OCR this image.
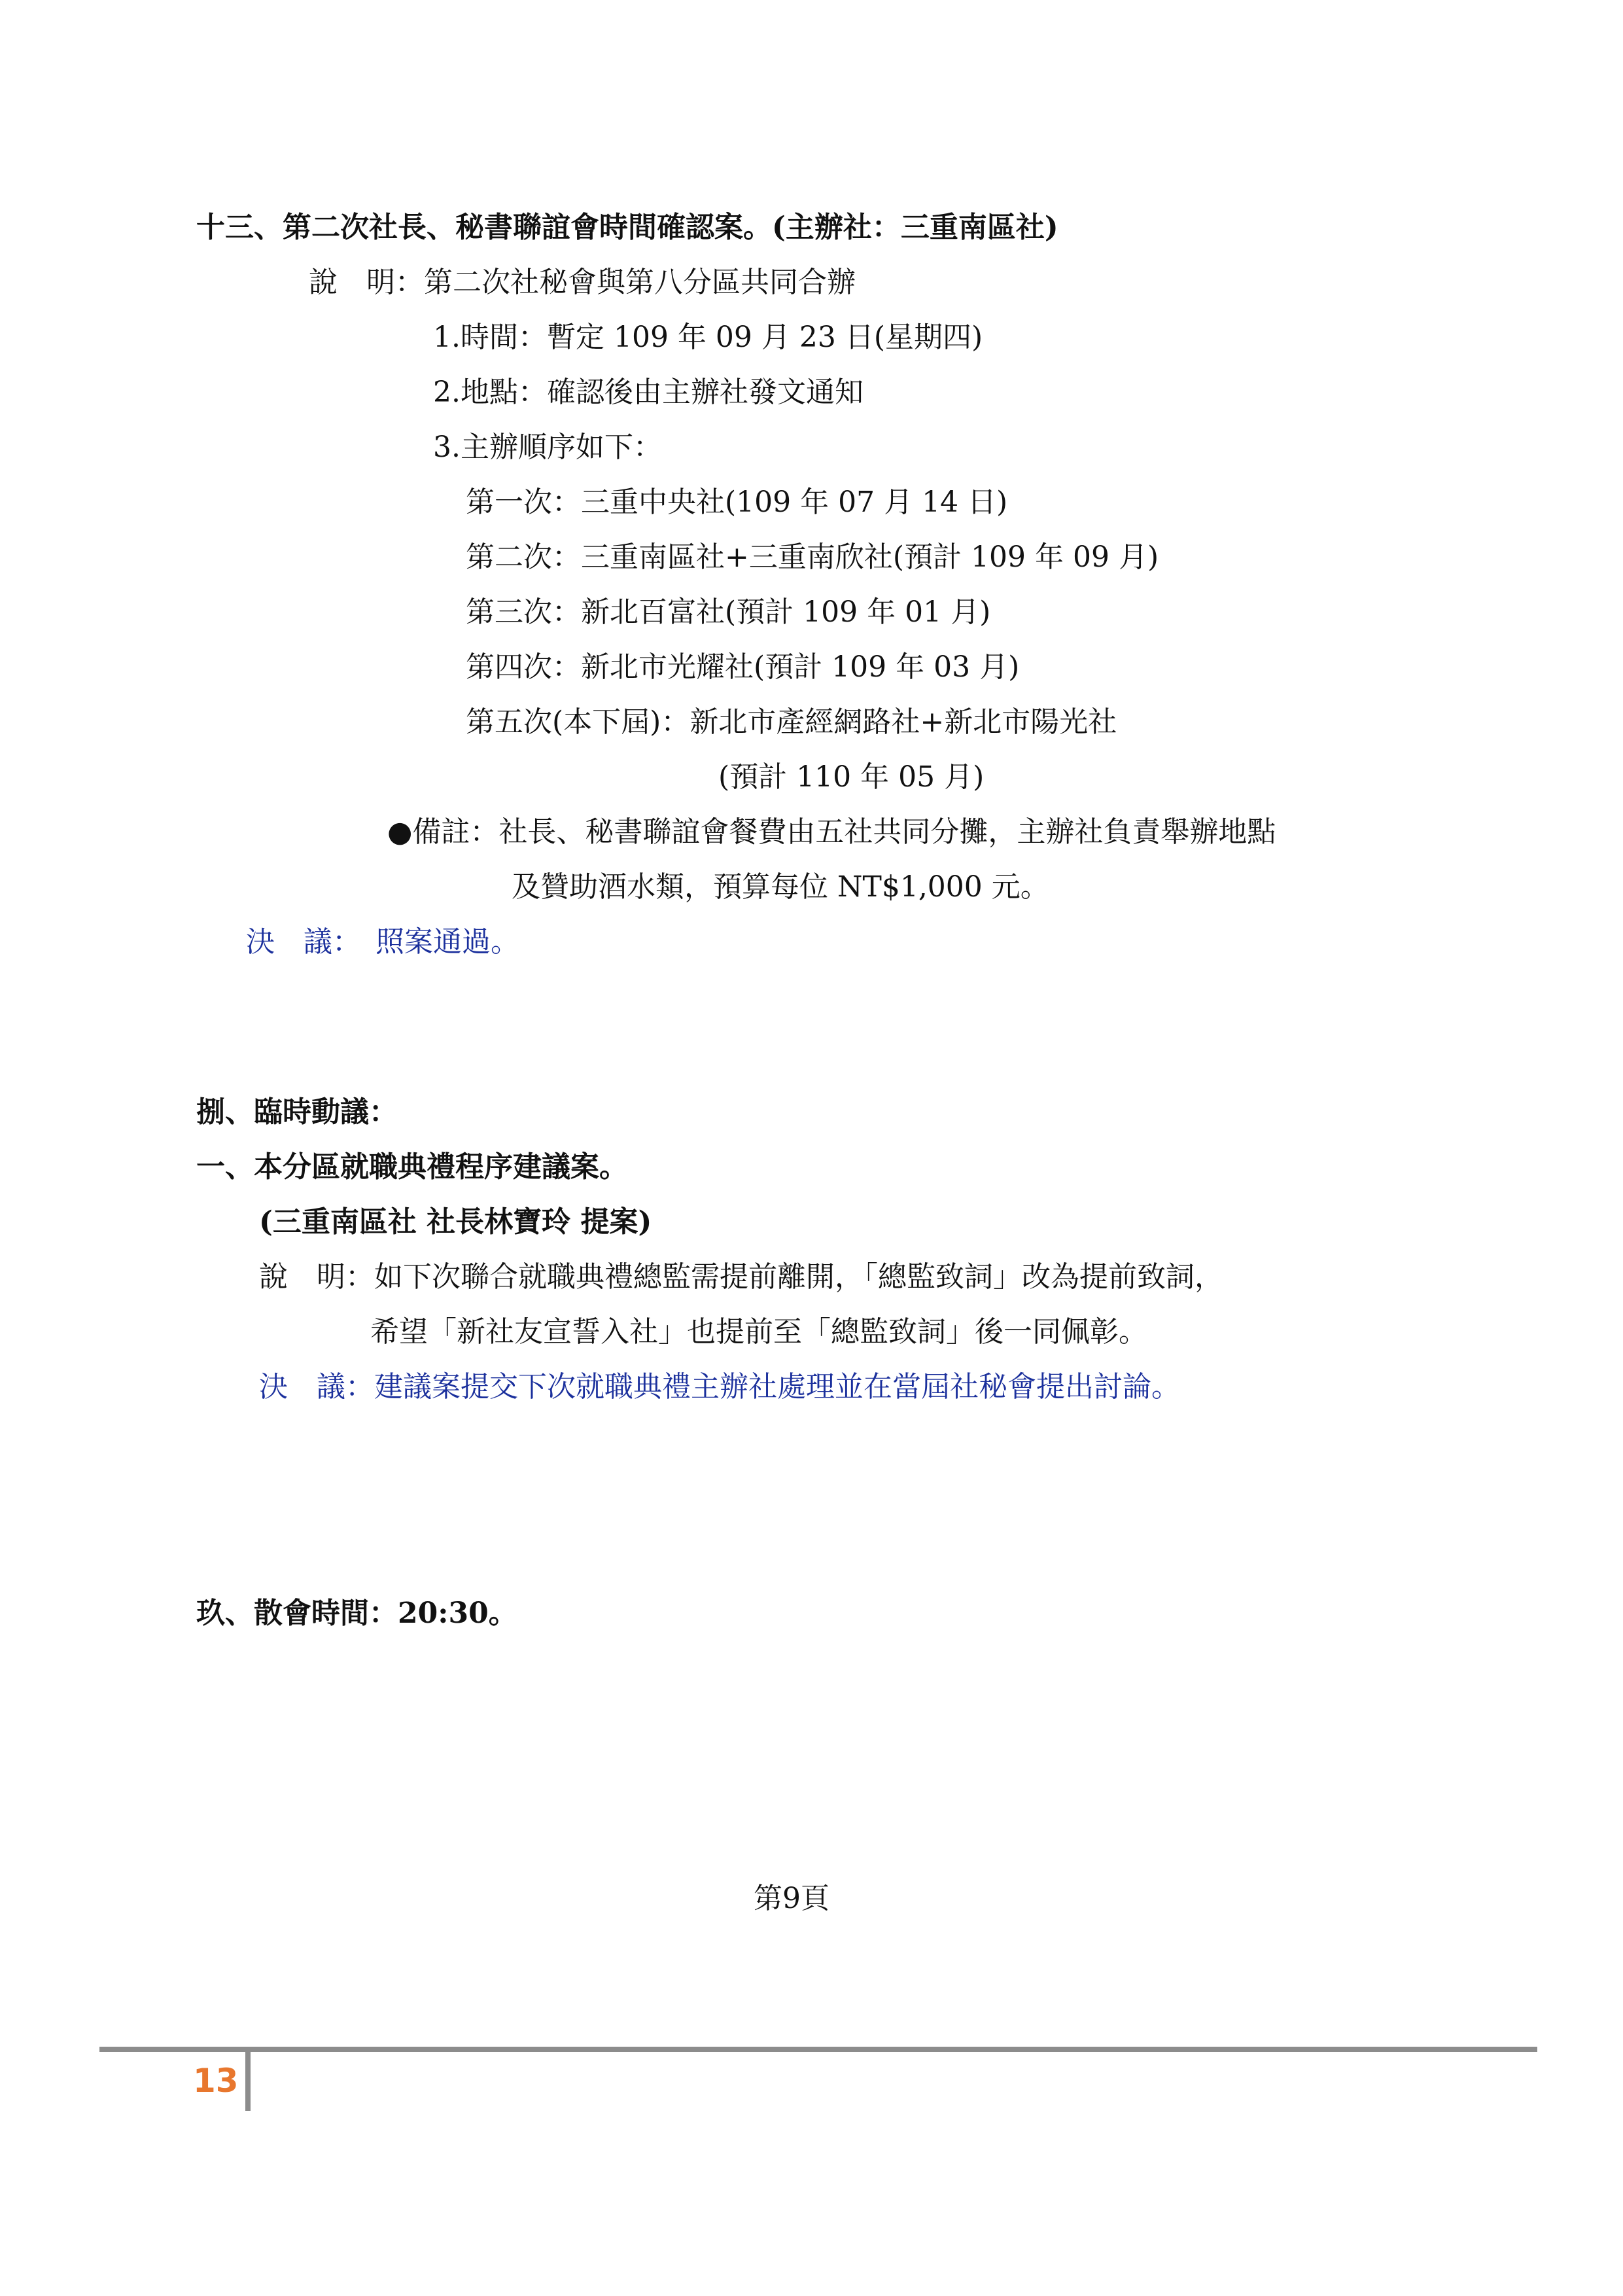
十三、第二次社長、秘書聯誼會時間確認案。(主辦社：三重南區社)
說　明：第二次社秘會與第八分區共同合辦
1.時間：暫定 109 年 09 月 23 日(星期四)
2.地點：確認後由主辦社發文通知
3.主辦順序如下：
第一次：三重中央社(109 年 07 月 14 日)
第二次：三重南區社+三重南欣社(預計 109 年 09 月)
第三次：新北百富社(預計 109 年 01 月)
第四次：新北市光耀社(預計 109 年 03 月)
第五次(本下屆)：新北市產經網路社+新北市陽光社
(預計 110 年 05 月)
●備註：社長、秘書聯誼會餐費由五社共同分攤，主辦社負責舉辦地點
及贊助酒水類，預算每位 NT$1,000 元。
決　議：　照案通過。
捌、臨時動議：
一、本分區就職典禮程序建議案。
(三重南區社 社長林寶玲 提案)
說　明：如下次聯合就職典禮總監需提前離開，「總監致詞」改為提前致詞，
希望「新社友宣誓入社」也提前至「總監致詞」後一同佩彰。
決　議：建議案提交下次就職典禮主辦社處理並在當屆社秘會提出討論。
玖、散會時間：20:30。
第9頁
13
